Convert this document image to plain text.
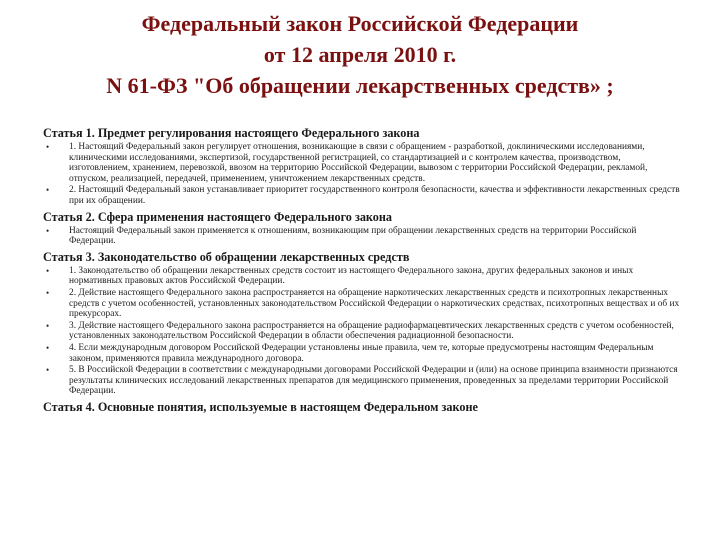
Федеральный закон Российской Федерации
от 12 апреля 2010 г.
N 61-ФЗ "Об обращении лекарственных средств» ;

Статья 1. Предмет регулирования настоящего Федерального закона

• 1. Настоящий Федеральный закон регулирует отношения, возникающие в связи с обращением - разработкой, доклиническими исследованиями, клиническими исследованиями, экспертизой, государственной регистрацией, со стандартизацией и с контролем качества, производством, изготовлением, хранением, перевозкой, ввозом на территорию Российской Федерации, вывозом с территории Российской Федерации, рекламой, отпуском, реализацией, передачей, применением, уничтожением лекарственных средств.
• 2. Настоящий Федеральный закон устанавливает приоритет государственного контроля безопасности, качества и эффективности лекарственных средств при их обращении.

Статья 2. Сфера применения настоящего Федерального закона

• Настоящий Федеральный закон применяется к отношениям, возникающим при обращении лекарственных средств на территории Российской Федерации.

Статья 3. Законодательство об обращении лекарственных средств

• 1. Законодательство об обращении лекарственных средств состоит из настоящего Федерального закона, других федеральных законов и иных нормативных правовых актов Российской Федерации.
• 2. Действие настоящего Федерального закона распространяется на обращение наркотических лекарственных средств и психотропных лекарственных средств с учетом особенностей, установленных законодательством Российской Федерации о наркотических средствах, психотропных веществах и об их прекурсорах.
• 3. Действие настоящего Федерального закона распространяется на обращение радиофармацевтических лекарственных средств с учетом особенностей, установленных законодательством Российской Федерации в области обеспечения радиационной безопасности.
• 4. Если международным договором Российской Федерации установлены иные правила, чем те, которые предусмотрены настоящим Федеральным законом, применяются правила международного договора.
• 5. В Российской Федерации в соответствии с международными договорами Российской Федерации и (или) на основе принципа взаимности признаются результаты клинических исследований лекарственных препаратов для медицинского применения, проведенных за пределами территории Российской Федерации.

Статья 4. Основные понятия, используемые в настоящем Федеральном законе
